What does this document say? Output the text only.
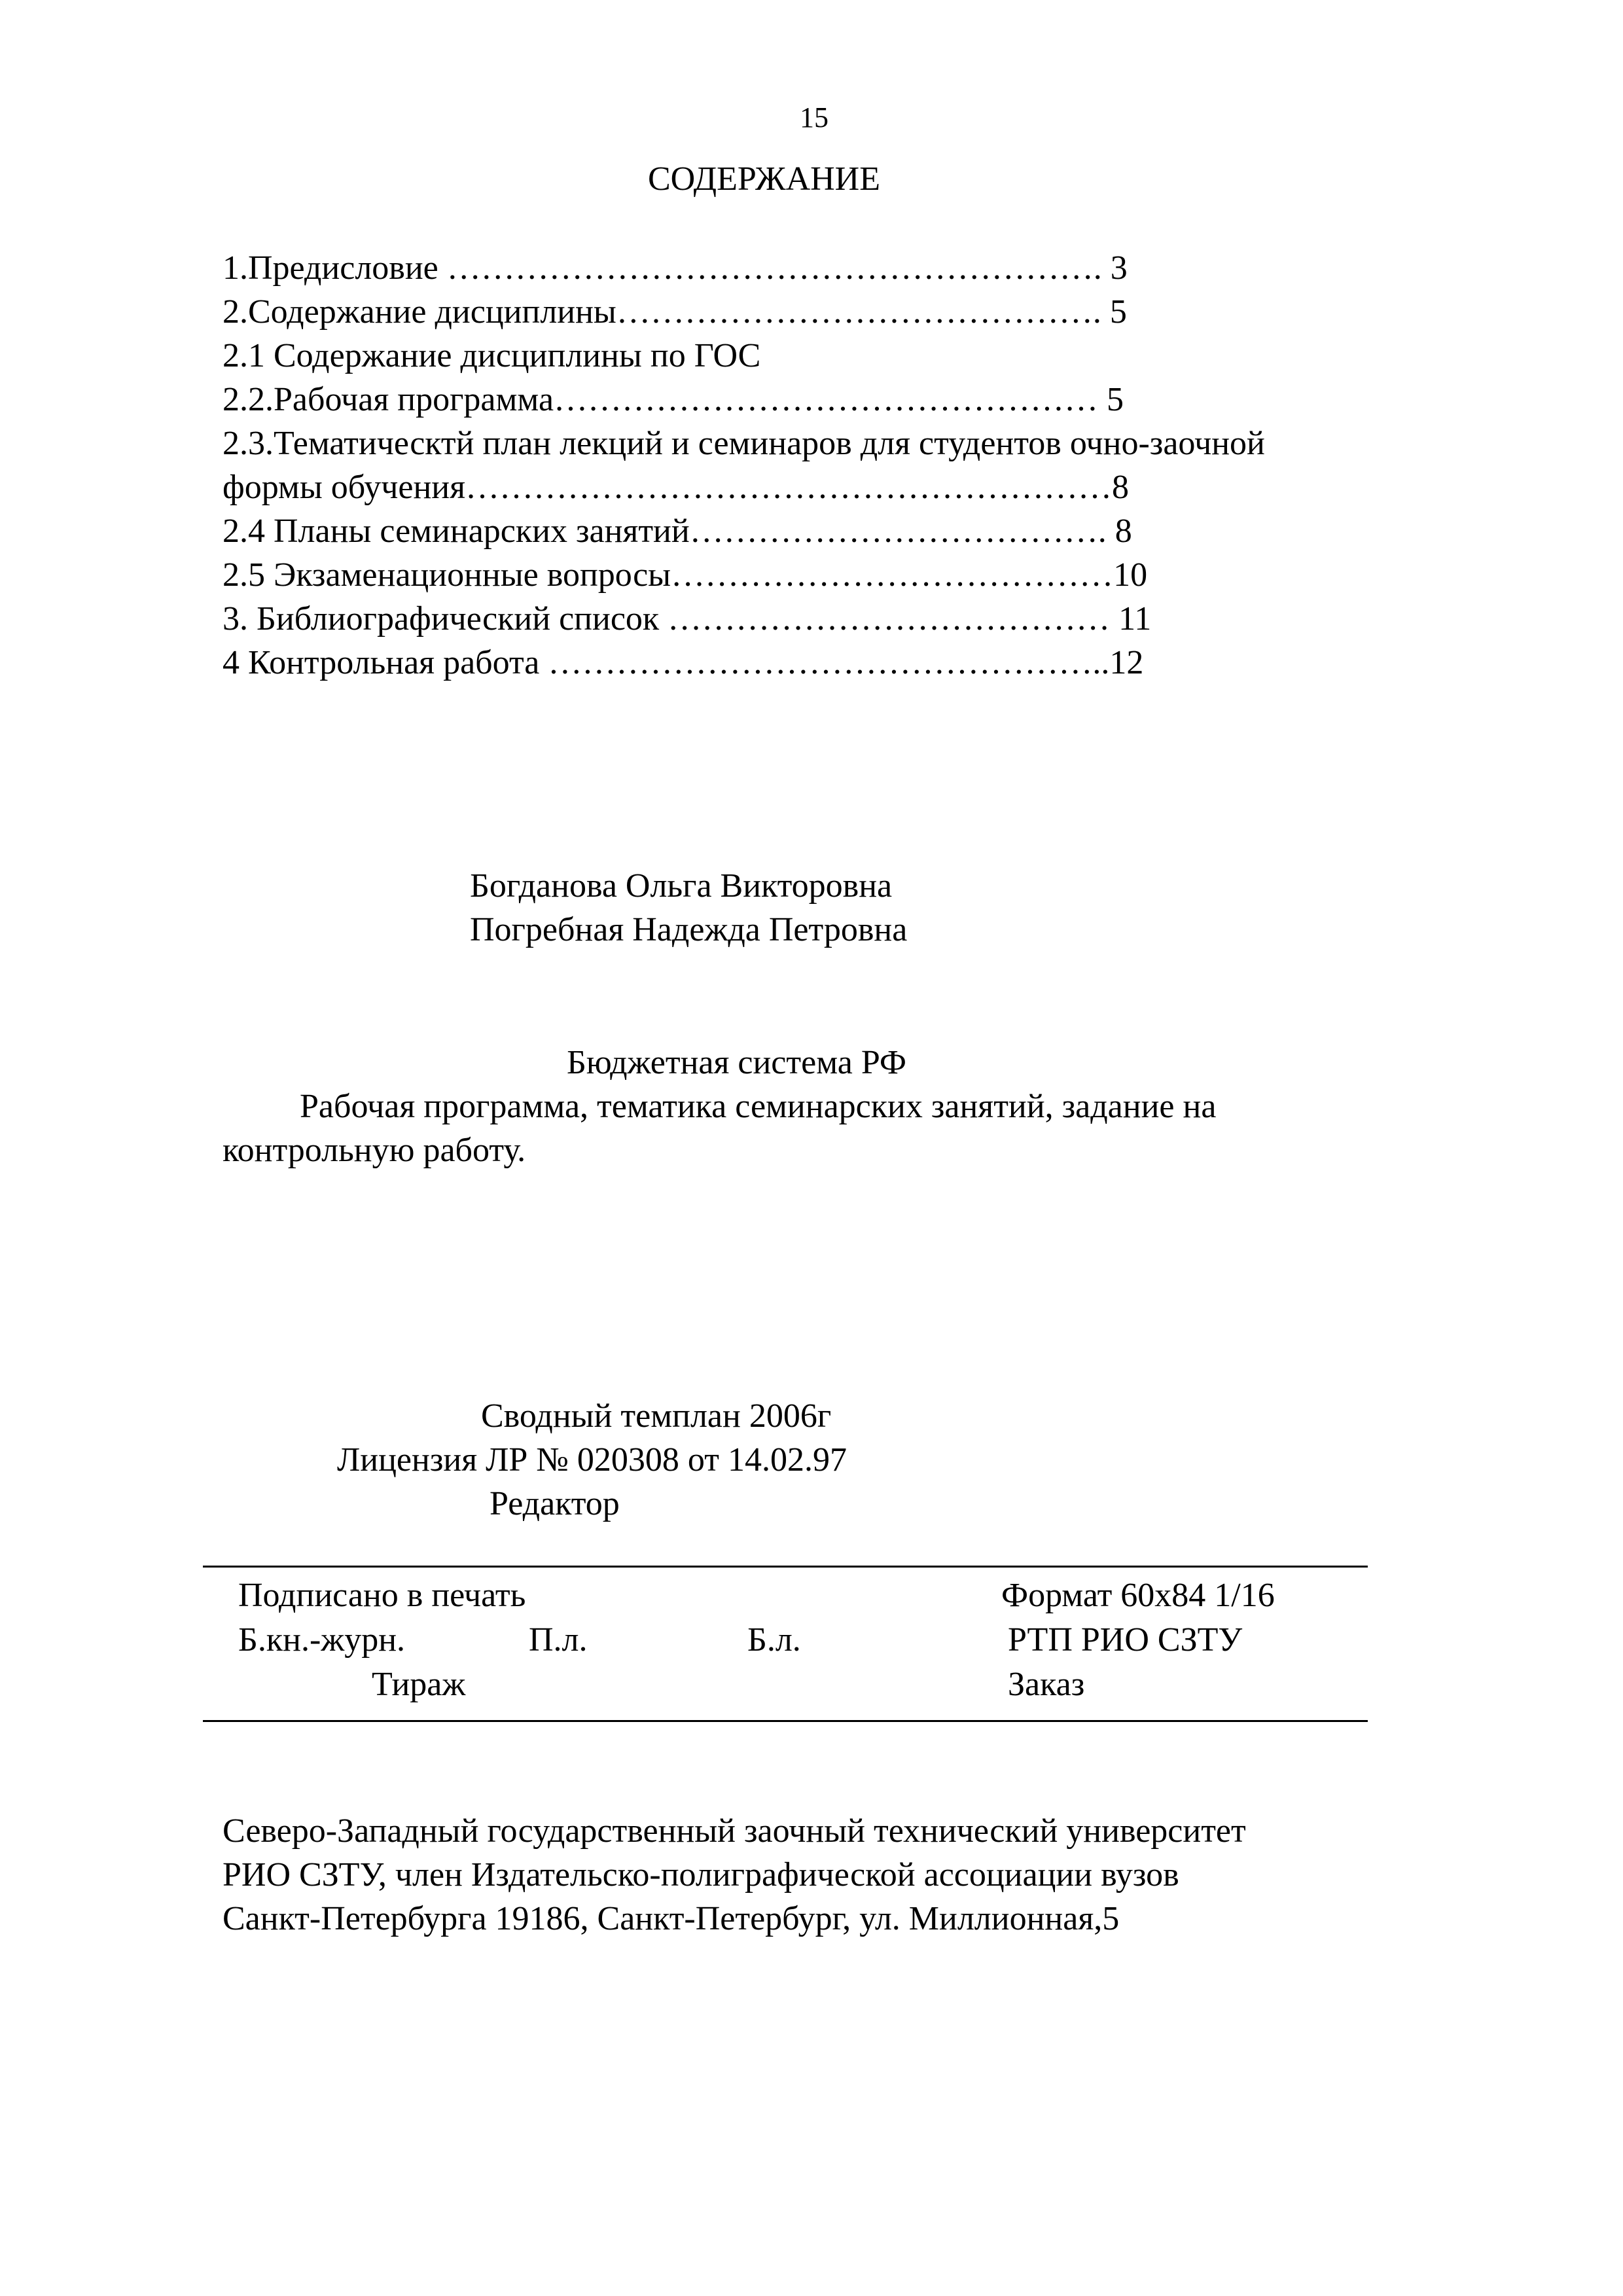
15
СОДЕРЖАНИЕ
1.Предисловие …………………………………………………. 3
2.Содержание дисциплины……………………………………. 5
2.1 Содержание дисциплины по ГОС
2.2.Рабочая программа………………………………………… 5
2.3.Тематическтй план лекций и семинаров для студентов очно-заочной
формы обучения…………………………………………………8
2.4 Планы семинарских занятий………………………………. 8
2.5 Экзаменационные вопросы…………………………………10
3. Библиографический список ………………………………… 11
4 Контрольная работа …………………………………………..12
Богданова Ольга Викторовна
Погребная Надежда Петровна
Бюджетная система РФ
Рабочая программа, тематика семинарских занятий, задание на
контрольную работу.
Сводный темплан 2006г
Лицензия ЛР № 020308 от 14.02.97
Редактор
Подписано в печать	Формат 60х84 1/16
Б.кн.-журн.	П.л.	Б.л.	РТП РИО СЗТУ
Тираж	Заказ
Северо-Западный государственный заочный технический университет
РИО СЗТУ, член Издательско-полиграфической ассоциации вузов
Санкт-Петербурга 19186, Санкт-Петербург, ул. Миллионная,5
